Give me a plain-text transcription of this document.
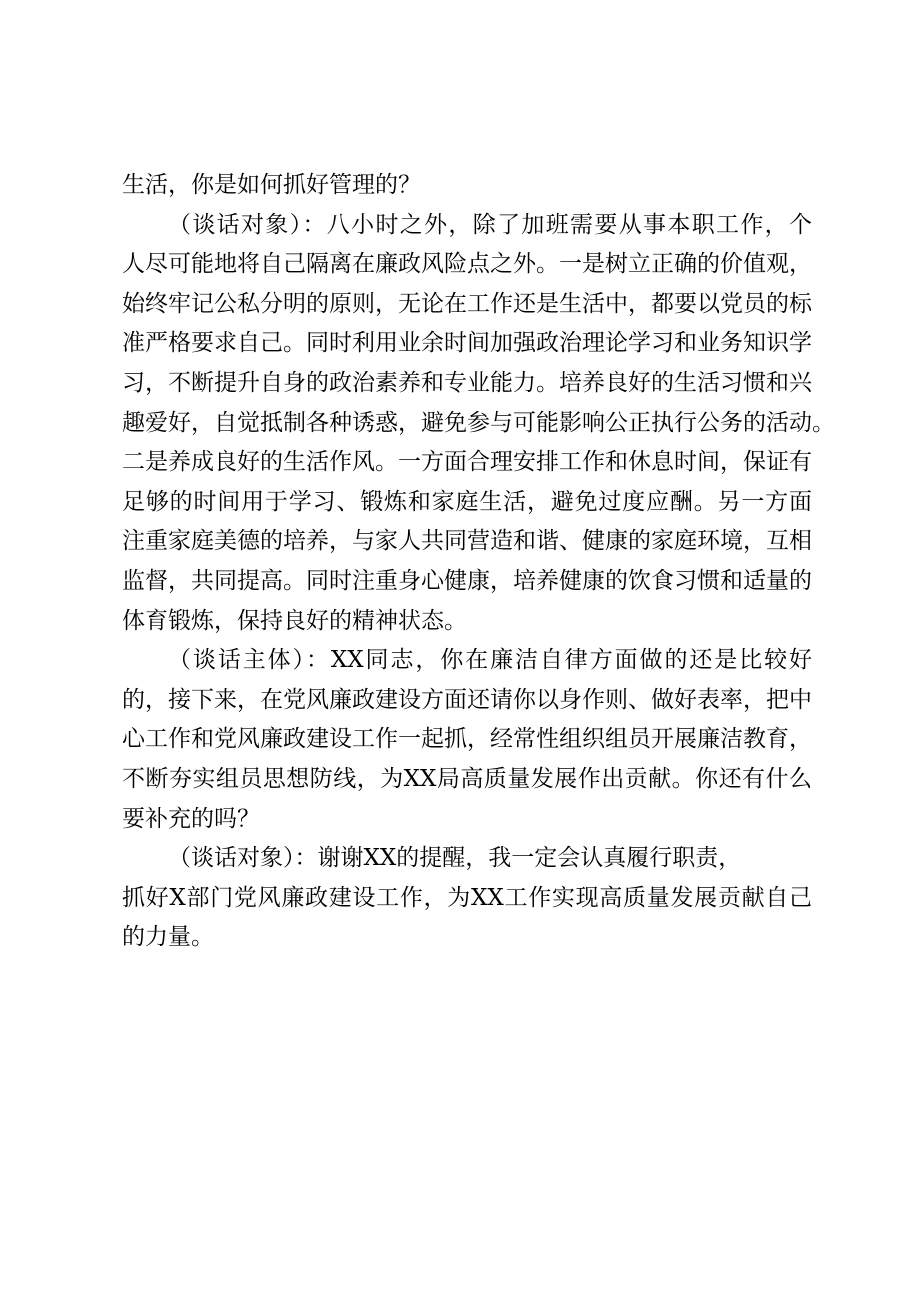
生活，你是如何抓好管理的？
（谈话对象）：八小时之外，除了加班需要从事本职工作，个
人尽可能地将自己隔离在廉政风险点之外。一是树立正确的价值观，
始终牢记公私分明的原则，无论在工作还是生活中，都要以党员的标
准严格要求自己。同时利用业余时间加强政治理论学习和业务知识学
习，不断提升自身的政治素养和专业能力。培养良好的生活习惯和兴
趣爱好，自觉抵制各种诱惑，避免参与可能影响公正执行公务的活动。
二是养成良好的生活作风。一方面合理安排工作和休息时间，保证有
足够的时间用于学习、锻炼和家庭生活，避免过度应酬。另一方面
注重家庭美德的培养，与家人共同营造和谐、健康的家庭环境，互相
监督，共同提高。同时注重身心健康，培养健康的饮食习惯和适量的
体育锻炼，保持良好的精神状态。
（谈话主体）：XX同志，你在廉洁自律方面做的还是比较好
的，接下来，在党风廉政建设方面还请你以身作则、做好表率，把中
心工作和党风廉政建设工作一起抓，经常性组织组员开展廉洁教育，
不断夯实组员思想防线，为XX局高质量发展作出贡献。你还有什么
要补充的吗？
（谈话对象）：谢谢XX的提醒，我一定会认真履行职责，
抓好X部门党风廉政建设工作，为XX工作实现高质量发展贡献自己
的力量。
